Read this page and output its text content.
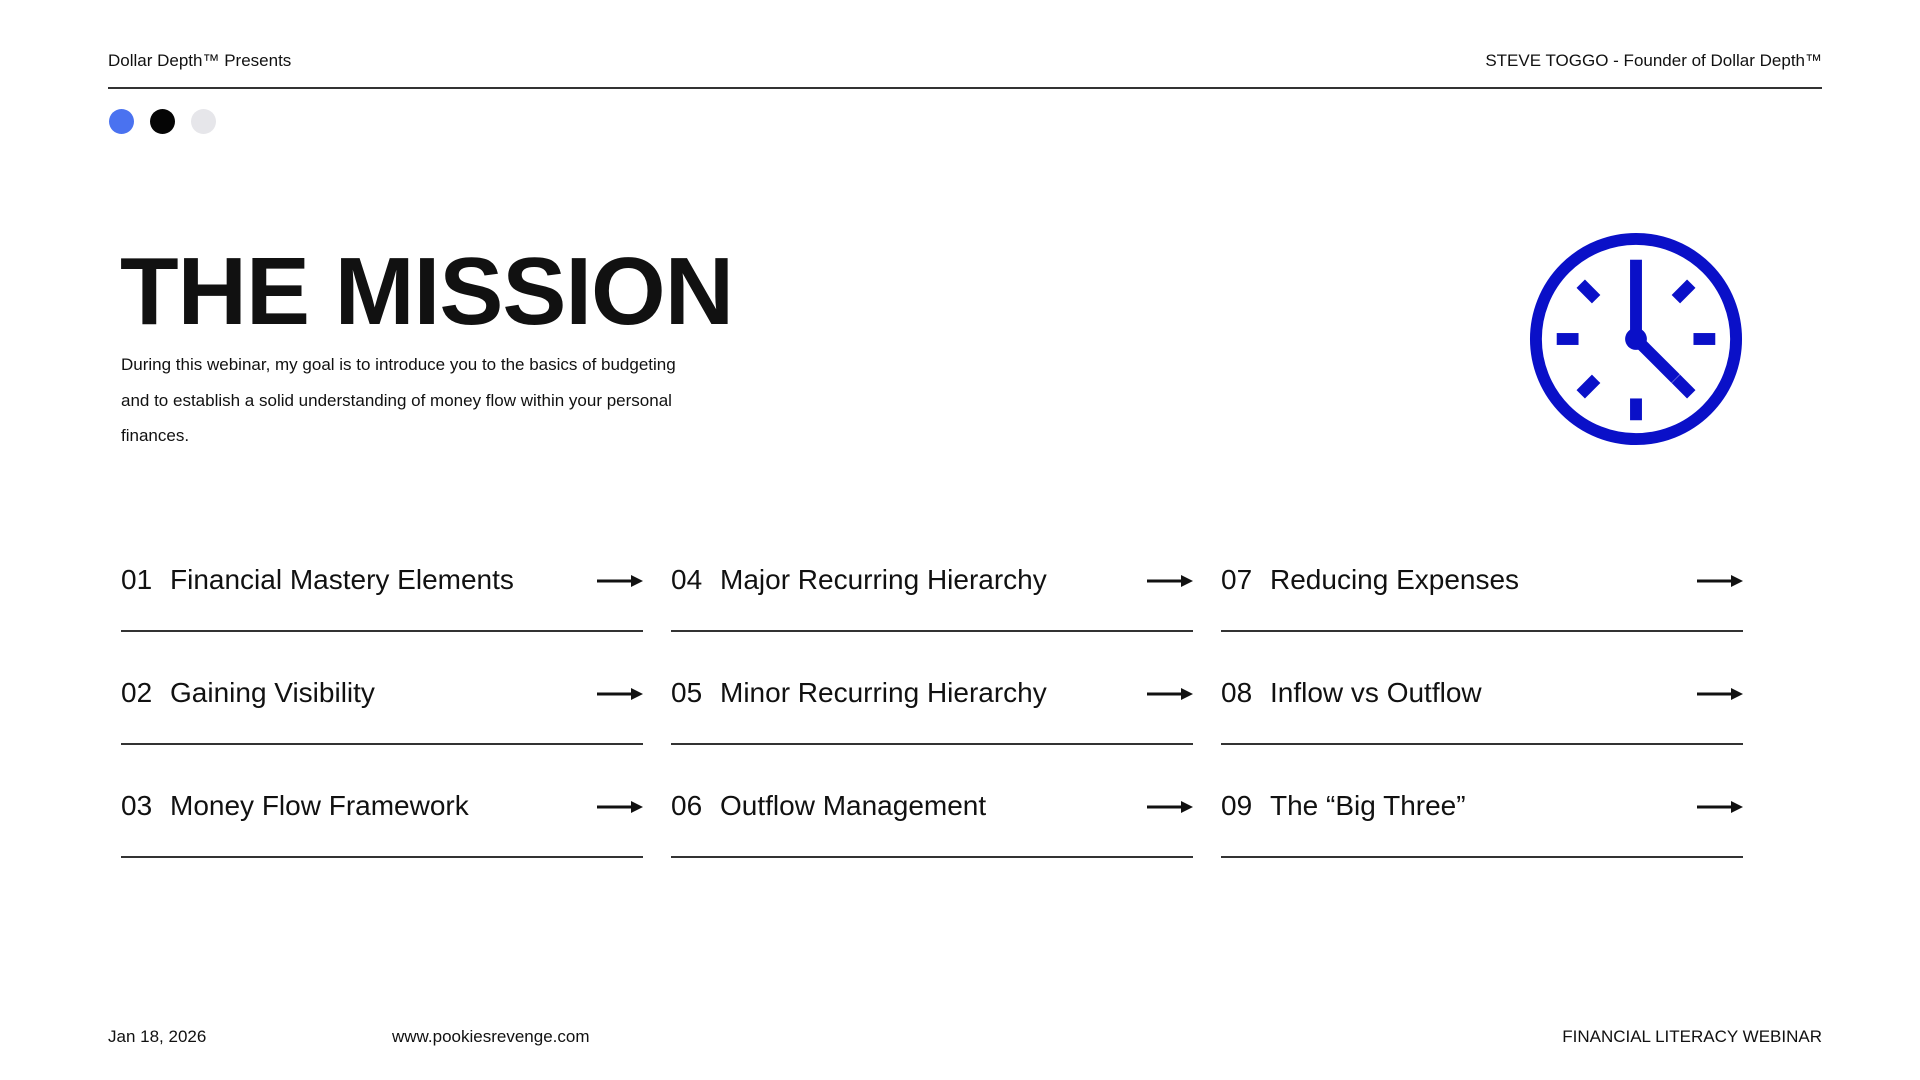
Dollar Depth™ Presents	STEVE TOGGO - Founder of Dollar Depth™
THE MISSION

During this webinar, my goal is to introduce you to the basics of budgeting and to establish a solid understanding of money flow within your personal finances.

01 Financial Mastery Elements
02 Gaining Visibility
03 Money Flow Framework
04 Major Recurring Hierarchy
05 Minor Recurring Hierarchy
06 Outflow Management
07 Reducing Expenses
08 Inflow vs Outflow
09 The “Big Three”
Jan 18, 2026	www.pookiesrevenge.com	FINANCIAL LITERACY WEBINAR
